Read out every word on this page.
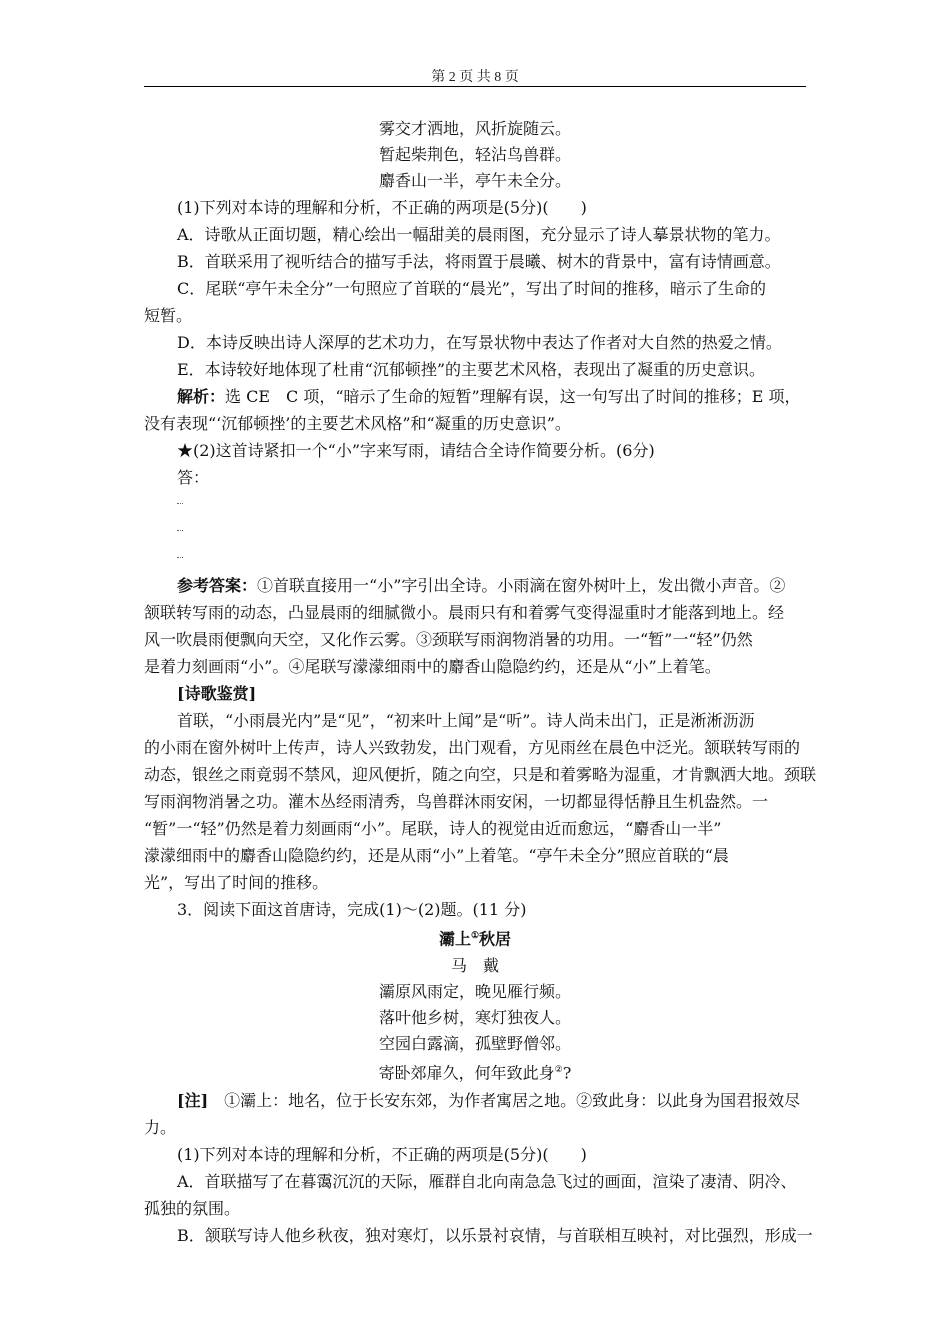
第 2 页 共 8 页
雾交才洒地，风折旋随云。
暂起柴荆色，轻沾鸟兽群。
麝香山一半，亭午未全分。
(1)下列对本诗的理解和分析，不正确的两项是(5分)(　　)
A．诗歌从正面切题，精心绘出一幅甜美的晨雨图，充分显示了诗人摹景状物的笔力。
B．首联采用了视听结合的描写手法，将雨置于晨曦、树木的背景中，富有诗情画意。
C．尾联“亭午未全分”一句照应了首联的“晨光”，写出了时间的推移，暗示了生命的
短暂。
D．本诗反映出诗人深厚的艺术功力，在写景状物中表达了作者对大自然的热爱之情。
E．本诗较好地体现了杜甫“沉郁顿挫”的主要艺术风格，表现出了凝重的历史意识。
解析：选 CE　C 项，“暗示了生命的短暂”理解有误，这一句写出了时间的推移；E 项，
没有表现“‘沉郁顿挫’的主要艺术风格”和“凝重的历史意识”。
★(2)这首诗紧扣一个“小”字来写雨，请结合全诗作简要分析。(6分)
答：
参考答案：①首联直接用一“小”字引出全诗。小雨滴在窗外树叶上，发出微小声音。②
颔联转写雨的动态，凸显晨雨的细腻微小。晨雨只有和着雾气变得湿重时才能落到地上。经
风一吹晨雨便飘向天空，又化作云雾。③颈联写雨润物消暑的功用。一“暂”一“轻”仍然
是着力刻画雨“小”。④尾联写濛濛细雨中的麝香山隐隐约约，还是从“小”上着笔。
[诗歌鉴赏]
首联，“小雨晨光内”是“见”，“初来叶上闻”是“听”。诗人尚未出门，正是淅淅沥沥
的小雨在窗外树叶上传声，诗人兴致勃发，出门观看，方见雨丝在晨色中泛光。颔联转写雨的
动态，银丝之雨竟弱不禁风，迎风便折，随之向空，只是和着雾略为湿重，才肯飘洒大地。颈联
写雨润物消暑之功。灌木丛经雨清秀，鸟兽群沐雨安闲，一切都显得恬静且生机盎然。一
“暂”一“轻”仍然是着力刻画雨“小”。尾联，诗人的视觉由近而愈远，“麝香山一半”
濛濛细雨中的麝香山隐隐约约，还是从雨“小”上着笔。“亭午未全分”照应首联的“晨
光”，写出了时间的推移。
3．阅读下面这首唐诗，完成(1)～(2)题。(11 分)
灞上①秋居
马　戴
灞原风雨定，晚见雁行频。
落叶他乡树，寒灯独夜人。
空园白露滴，孤壁野僧邻。
寄卧郊扉久，何年致此身②?
[注]　 ①灞上：地名，位于长安东郊，为作者寓居之地。②致此身：以此身为国君报效尽
力。
(1)下列对本诗的理解和分析，不正确的两项是(5分)(　　)
A．首联描写了在暮霭沉沉的天际，雁群自北向南急急飞过的画面，渲染了凄清、阴冷、
孤独的氛围。
B．颔联写诗人他乡秋夜，独对寒灯，以乐景衬哀情，与首联相互映衬，对比强烈，形成一
